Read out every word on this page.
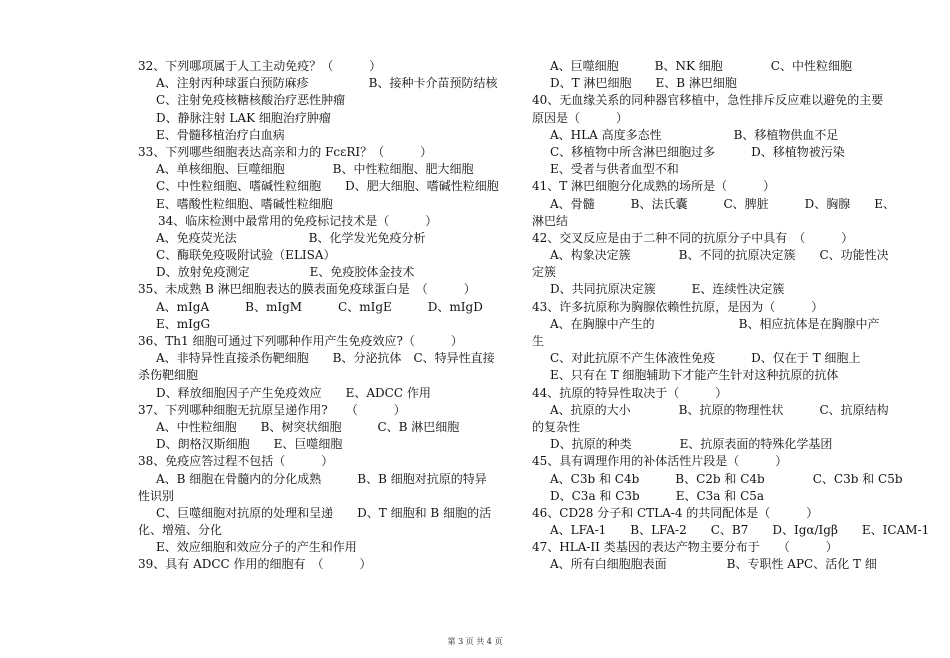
32、下列哪项属于人工主动免疫？（　　　）
A、注射丙种球蛋白预防麻疹　　　　　B、接种卡介苗预防结核
C、注射免疫核糖核酸治疗恶性肿瘤
D、静脉注射 LAK 细胞治疗肿瘤
E、骨髓移植治疗白血病
33、下列哪些细胞表达高亲和力的 FcεRⅠ？（　　　）
A、单核细胞、巨噬细胞　　　　B、中性粒细胞、肥大细胞
C、中性粒细胞、嗜碱性粒细胞　　D、肥大细胞、嗜碱性粒细胞
E、嗜酸性粒细胞、嗜碱性粒细胞
34、临床检测中最常用的免疫标记技术是（　　　）
A、免疫荧光法　　　　　　B、化学发光免疫分析
C、酶联免疫吸附试验（ELISA）
D、放射免疫测定　　　　　E、免疫胶体金技术
35、未成熟 B 淋巴细胞表达的膜表面免疫球蛋白是　（　　　）
A、mIgA　　　B、mIgM　　　C、mIgE　　　D、mIgD
E、mIgG
36、Th1 细胞可通过下列哪种作用产生免疫效应?（　　　）
A、非特异性直接杀伤靶细胞　　B、分泌抗体　C、特异性直接
杀伤靶细胞
D、释放细胞因子产生免疫效应　　E、ADCC 作用
37、下列哪种细胞无抗原呈递作用?　　（　　　）
A、中性粒细胞　　B、树突状细胞　　　C、B 淋巴细胞
D、朗格汉斯细胞　　E、巨噬细胞
38、免疫应答过程不包括（　　　）
A、B 细胞在骨髓内的分化成熟　　　B、B 细胞对抗原的特异
性识别
C、巨噬细胞对抗原的处理和呈递　　D、T 细胞和 B 细胞的活
化、增殖、分化
E、效应细胞和效应分子的产生和作用
39、具有 ADCC 作用的细胞有　（　　　）
A、巨噬细胞　　　B、NK 细胞　　　　C、中性粒细胞
D、T 淋巴细胞　　E、B 淋巴细胞
40、无血缘关系的同种器官移植中，急性排斥反应难以避免的主要
原因是（　　　）
A、HLA 高度多态性　　　　　　B、移植物供血不足
C、移植物中所含淋巴细胞过多　　　D、移植物被污染
E、受者与供者血型不和
41、T 淋巴细胞分化成熟的场所是（　　　）
A、骨髓　　　B、法氏囊　　　C、脾脏　　　D、胸腺　　E、
淋巴结
42、交叉反应是由于二种不同的抗原分子中具有　（　　　）
A、构象决定簇　　　　B、不同的抗原决定簇　　C、功能性决
定簇
D、共同抗原决定簇　　　E、连续性决定簇
43、许多抗原称为胸腺依赖性抗原，是因为（　　　）
A、在胸腺中产生的　　　　　　　B、相应抗体是在胸腺中产
生
C、对此抗原不产生体液性免疫　　　D、仅在于 T 细胞上
E、只有在 T 细胞辅助下才能产生针对这种抗原的抗体
44、抗原的特异性取决于（　　　）
A、抗原的大小　　　　B、抗原的物理性状　　　C、抗原结构
的复杂性
D、抗原的种类　　　　E、抗原表面的特殊化学基团
45、具有调理作用的补体活性片段是（　　　）
A、C3b 和 C4b　　　B、C2b 和 C4b　　　　C、C3b 和 C5b
D、C3a 和 C3b　　　E、C3a 和 C5a
46、CD28 分子和 CTLA-4 的共同配体是（　　　）
A、LFA-1　　B、LFA-2　　C、B7　　D、Igα/Igβ　　E、ICAM-1
47、HLA-II 类基因的表达产物主要分布于　　（　　　）
A、所有白细胞胞表面　　　　　B、专职性 APC、活化 T 细
第 3 页 共 4 页
